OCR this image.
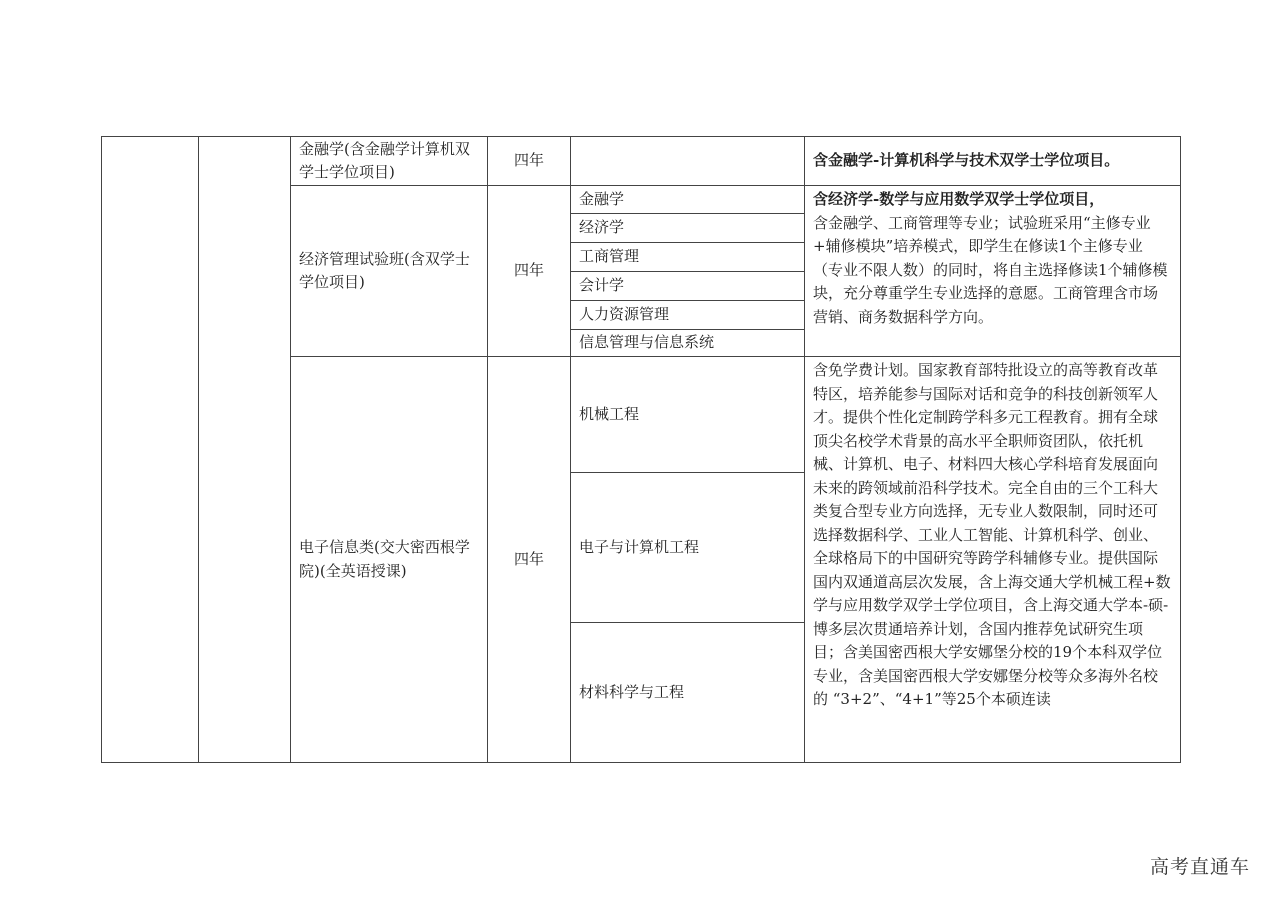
		金融学(含金融学计算机双学士学位项目)	四年		含金融学-计算机科学与技术双学士学位项目。

		经济管理试验班(含双学士学位项目)	四年	金融学	含经济学-数学与应用数学双学士学位项目，

含金融学、工商管理等专业；试验班采用“主修专业+辅修模块”培养模式，即学生在修读1个主修专业（专业不限人数）的同时，将自主选择修读1个辅修模块，充分尊重学生专业选择的意愿。工商管理含市场营销、商务数据科学方向。

				经济学	
				工商管理	
				会计学	
				人力资源管理	
				信息管理与信息系统	
		电子信息类(交大密西根学院)(全英语授课)	四年	机械工程	含免学费计划。国家教育部特批设立的高等教育改革特区，培养能参与国际对话和竞争的科技创新领军人才。提供个性化定制跨学科多元工程教育。拥有全球顶尖名校学术背景的高水平全职师资团队，依托机械、计算机、电子、材料四大核心学科培育发展面向未来的跨领域前沿科学技术。完全自由的三个工科大类复合型专业方向选择，无专业人数限制，同时还可选择数据科学、工业人工智能、计算机科学、创业、全球格局下的中国研究等跨学科辅修专业。提供国际国内双通道高层次发展，含上海交通大学机械工程+数学与应用数学双学士学位项目，含上海交通大学本-硕-博多层次贯通培养计划，含国内推荐免试研究生项目；含美国密西根大学安娜堡分校的19个本科双学位专业，含美国密西根大学安娜堡分校等众多海外名校的 “3+2”、“4+1”等25个本硕连读

				电子与计算机工程	
				材料科学与工程	
高考直通车
